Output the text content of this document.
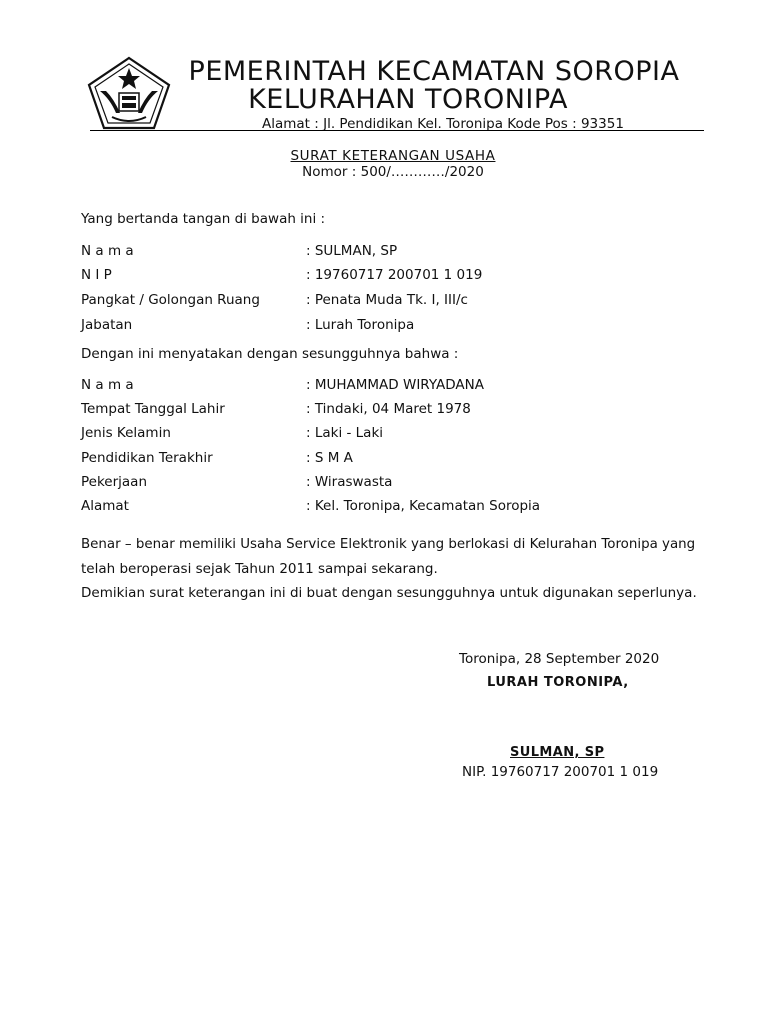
PEMERINTAH KECAMATAN SOROPIA
KELURAHAN TORONIPA
Alamat : Jl. Pendidikan Kel. Toronipa Kode Pos : 93351
SURAT KETERANGAN USAHA
Nomor : 500/…………/2020
Yang bertanda tangan di bawah ini :
N a m a	: SULMAN, SP
N I P	: 19760717 200701 1 019
Pangkat / Golongan Ruang	: Penata Muda Tk. I, III/c
Jabatan	: Lurah Toronipa
Dengan ini menyatakan dengan sesungguhnya bahwa :
N a m a	: MUHAMMAD WIRYADANA
Tempat Tanggal Lahir	: Tindaki, 04 Maret 1978
Jenis Kelamin	: Laki - Laki
Pendidikan Terakhir	: S M A
Pekerjaan	: Wiraswasta
Alamat	: Kel. Toronipa, Kecamatan Soropia
Benar – benar memiliki Usaha Service Elektronik yang berlokasi di Kelurahan Toronipa yang
telah beroperasi sejak Tahun 2011 sampai sekarang.
Demikian surat keterangan ini di buat dengan sesungguhnya untuk digunakan seperlunya.
Toronipa, 28 September 2020
LURAH TORONIPA,
SULMAN, SP
NIP. 19760717 200701 1 019
